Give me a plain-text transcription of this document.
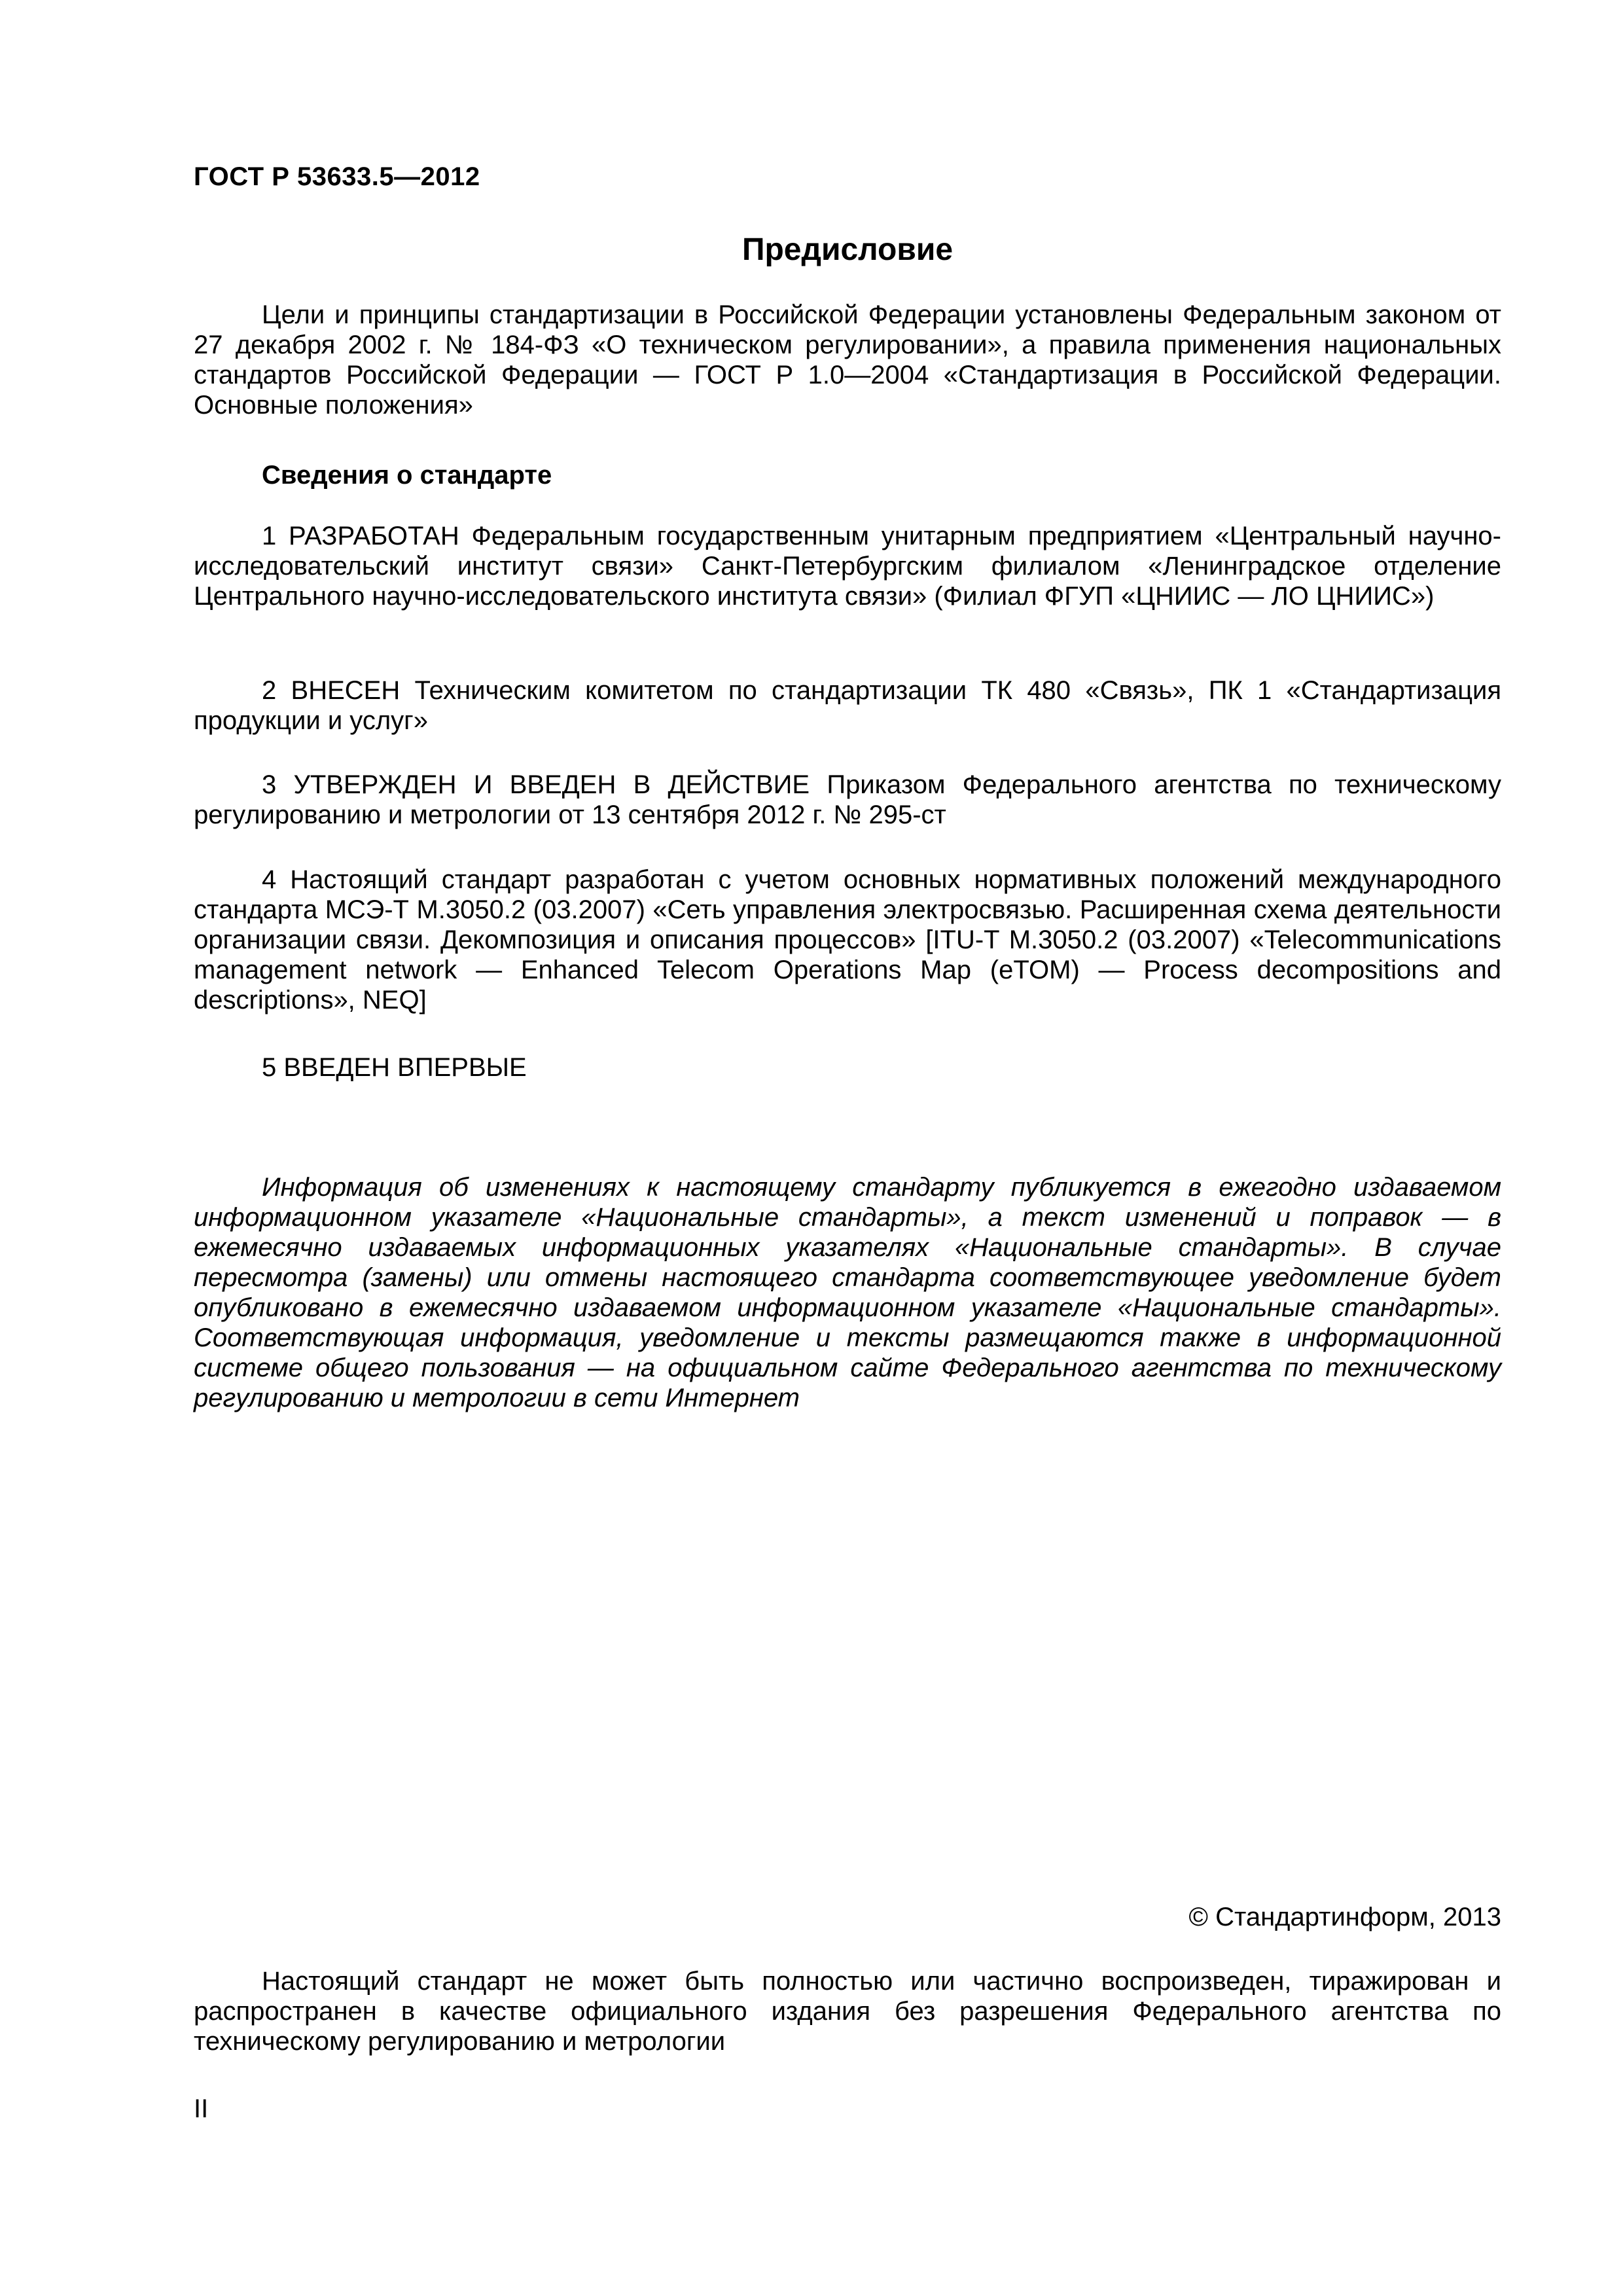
ГОСТ Р 53633.5—2012
Предисловие

Цели и принципы стандартизации в Российской Федерации установлены Федеральным законом от 27 декабря 2002 г. № 184-ФЗ «О техническом регулировании», а правила применения национальных стандартов Российской Федерации — ГОСТ Р 1.0—2004 «Стандартизация в Российской Федерации. Основные положения»

Сведения о стандарте

1 РАЗРАБОТАН Федеральным государственным унитарным предприятием «Центральный научно-исследовательский институт связи» Санкт-Петербургским филиалом «Ленинградское отделение Центрального научно-исследовательского института связи» (Филиал ФГУП «ЦНИИС — ЛО ЦНИИС»)

2 ВНЕСЕН Техническим комитетом по стандартизации ТК 480 «Связь», ПК 1 «Стандартизация продукции и услуг»

3 УТВЕРЖДЕН И ВВЕДЕН В ДЕЙСТВИЕ Приказом Федерального агентства по техническому регулированию и метрологии от 13 сентября 2012 г. № 295-ст

4 Настоящий стандарт разработан с учетом основных нормативных положений международного стандарта МСЭ-Т М.3050.2 (03.2007) «Сеть управления электросвязью. Расширенная схема деятельности организации связи. Декомпозиция и описания процессов» [ITU-T M.3050.2 (03.2007) «Telecommunications management network — Enhanced Telecom Operations Map (eTOM) — Process decompositions and descriptions», NEQ]

5 ВВЕДЕН ВПЕРВЫЕ

Информация об изменениях к настоящему стандарту публикуется в ежегодно издаваемом информационном указателе «Национальные стандарты», а текст изменений и поправок — в ежемесячно издаваемых информационных указателях «Национальные стандарты». В случае пересмотра (замены) или отмены настоящего стандарта соответствующее уведомление будет опубликовано в ежемесячно издаваемом информационном указателе «Национальные стандарты». Соответствующая информация, уведомление и тексты размещаются также в информационной системе общего пользования — на официальном сайте Федерального агентства по техническому регулированию и метрологии в сети Интернет

© Стандартинформ, 2013

Настоящий стандарт не может быть полностью или частично воспроизведен, тиражирован и распространен в качестве официального издания без разрешения Федерального агентства по техническому регулированию и метрологии

II
